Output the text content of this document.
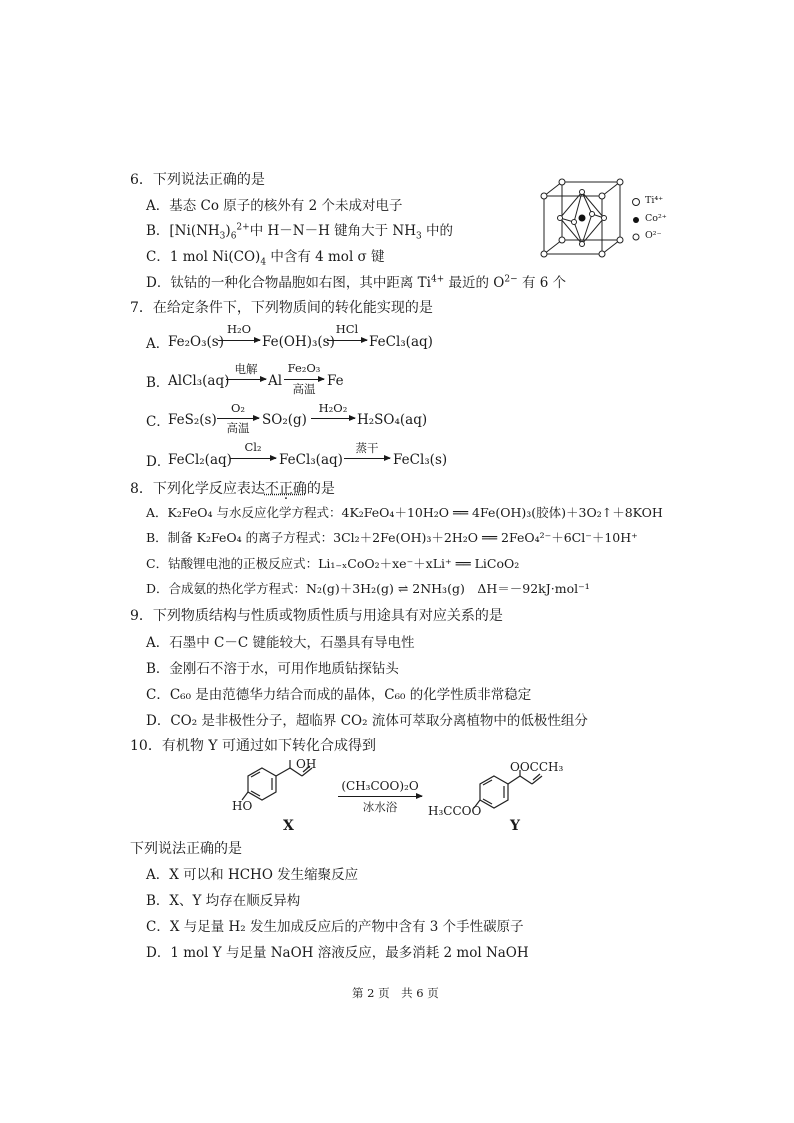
6．下列说法正确的是
A．基态 Co 原子的核外有 2 个未成对电子
B．[$Ni(NH_3)_6^{2+}$中 H－N－H 键角大于 $NH_3$ 中的
C．1 mol $Ni(CO)_4$ 中含有 4 mol σ 键
D．钛钴的一种化合物晶胞如右图，其中距离 $Ti^{4+}$ 最近的 $O^{2-}$ 有 6 个
Ti⁴⁺
Co²⁺
O²⁻
7．在给定条件下，下列物质间的转化能实现的是
A．
Fe₂O₃(s)
H₂O
Fe(OH)₃(s)
HCl
FeCl₃(aq)
B．
AlCl₃(aq)
电解
Al
Fe₂O₃
高温 Fe
C．
FeS₂(s)
O₂
高温 SO₂(g)
H₂O₂
H₂SO₄(aq)
D．
FeCl₂(aq)
Cl₂
FeCl₃(aq)
蒸干
FeCl₃(s)
8．下列化学反应表达不正确的是
A．K₂FeO₄ 与水反应化学方程式：4K₂FeO₄＋10H₂O ══ 4Fe(OH)₃(胶体)＋3O₂↑＋8KOH
B．制备 K₂FeO₄ 的离子方程式：3Cl₂＋2Fe(OH)₃＋2H₂O ══ 2FeO₄²⁻＋6Cl⁻＋10H⁺
C．钴酸锂电池的正极反应式：Li₁₋ₓCoO₂＋xe⁻＋xLi⁺ ══ LiCoO₂
D．合成氨的热化学方程式：N₂(g)＋3H₂(g) ⇌ 2NH₃(g)　ΔH＝－92kJ·mol⁻¹
9．下列物质结构与性质或物质性质与用途具有对应关系的是
A．石墨中 C－C 键能较大，石墨具有导电性
B．金刚石不溶于水，可用作地质钻探钻头
C．C₆₀ 是由范德华力结合而成的晶体，C₆₀ 的化学性质非常稳定
D．CO₂ 是非极性分子，超临界 CO₂ 流体可萃取分离植物中的低极性组分
10．有机物 Y 可通过如下转化合成得到
OH
HO
X
(CH₃COO)₂O
冰水浴
OOCCH₃
H₃CCOO
Y
下列说法正确的是
A．X 可以和 HCHO 发生缩聚反应
B．X、Y 均存在顺反异构
C．X 与足量 H₂ 发生加成反应后的产物中含有 3 个手性碳原子
D．1 mol Y 与足量 NaOH 溶液反应，最多消耗 2 mol NaOH
第 2 页　共 6 页
